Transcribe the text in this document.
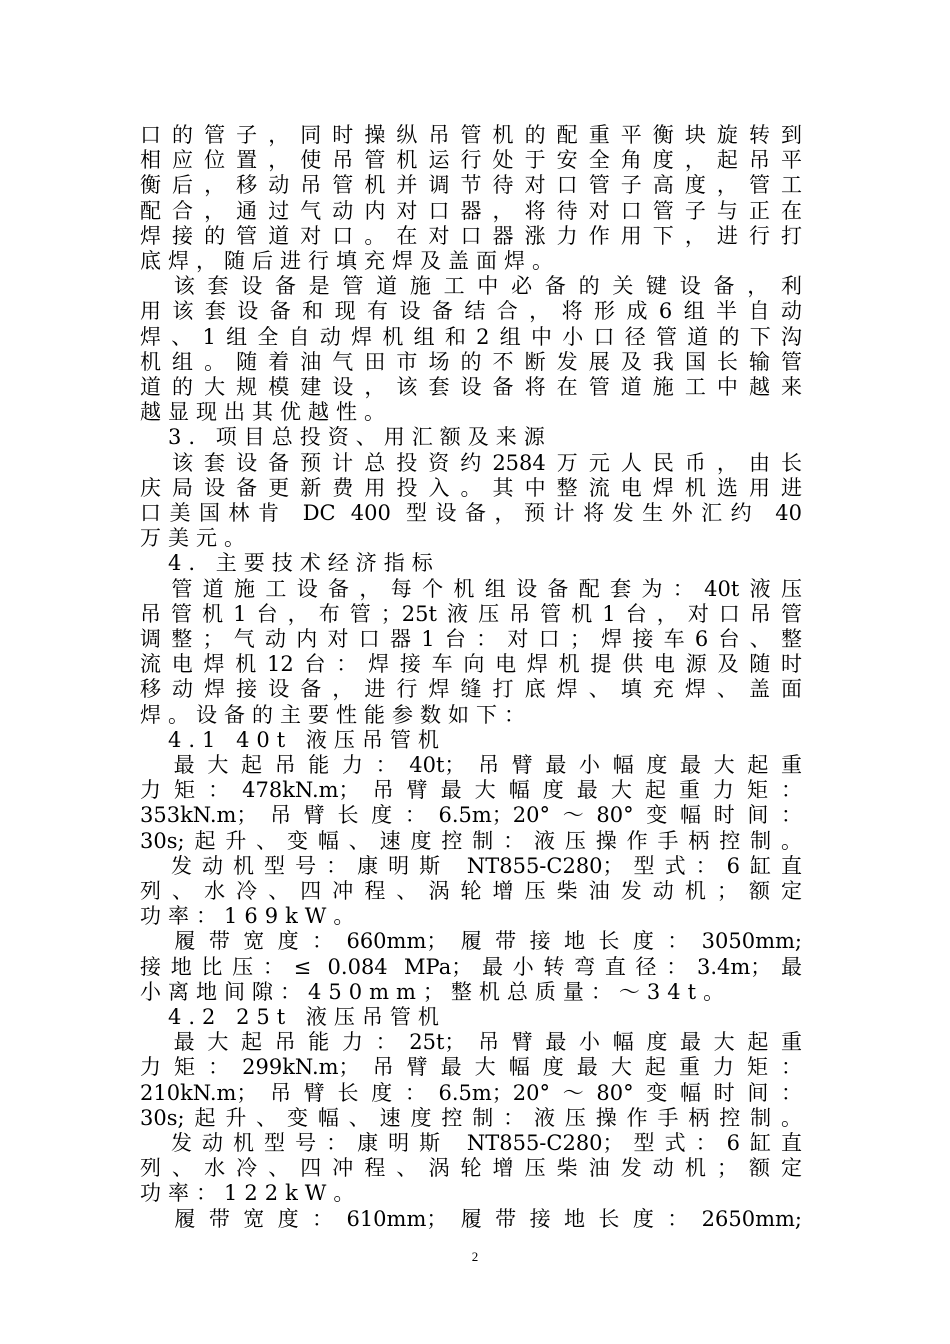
口的管子，同时操纵吊管机的配重平衡块旋转到
相应位置，使吊管机运行处于安全角度，起吊平
衡后，移动吊管机并调节待对口管子高度，管工
配合，通过气动内对口器，将待对口管子与正在
焊接的管道对口。在对口器涨力作用下，进行打
底焊，随后进行填充焊及盖面焊。
　该套设备是管道施工中必备的关键设备，利
用该套设备和现有设备结合，将形成6组半自动
焊、1组全自动焊机组和2组中小口径管道的下沟
机组。随着油气田市场的不断发展及我国长输管
道的大规模建设，该套设备将在管道施工中越来
越显现出其优越性。
　3. 项目总投资、用汇额及来源
　该套设备预计总投资约2584万元人民币，由长
庆局设备更新费用投入。其中整流电焊机选用进
口美国林肯 DC 400 型设备，预计将发生外汇约 40
万美元。
　4. 主要技术经济指标
　管道施工设备，每个机组设备配套为：40t液压
吊管机1台，布管；25t液压吊管机1台，对口吊管
调整；气动内对口器1台：对口；焊接车6台、整
流电焊机12台：焊接车向电焊机提供电源及随时
移动焊接设备，进行焊缝打底焊、填充焊、盖面
焊。设备的主要性能参数如下：
　4.1 40t 液压吊管机
　最大起吊能力：40t；吊臂最小幅度最大起重
力矩：478kN.m；吊臂最大幅度最大起重力矩：
353kN.m；吊臂长度：6.5m；20°～80°变幅时间：
30s;起升、变幅、速度控制：液压操作手柄控制。
　发动机型号：康明斯 NT855-C280；型式：6缸直
列、水冷、四冲程、涡轮增压柴油发动机；额定
功率：169kW。
　履带宽度：660mm；履带接地长度：3050mm;
接地比压：≤ 0.084 MPa；最小转弯直径：3.4m；最
小离地间隙：450mm；整机总质量：～34t。
　4.2 25t 液压吊管机
　最大起吊能力：25t；吊臂最小幅度最大起重
力矩：299kN.m；吊臂最大幅度最大起重力矩：
210kN.m；吊臂长度：6.5m；20°～80°变幅时间：
30s;起升、变幅、速度控制：液压操作手柄控制。
　发动机型号：康明斯 NT855-C280；型式：6缸直
列、水冷、四冲程、涡轮增压柴油发动机；额定
功率：122kW。
　履带宽度：610mm；履带接地长度：2650mm;
2
